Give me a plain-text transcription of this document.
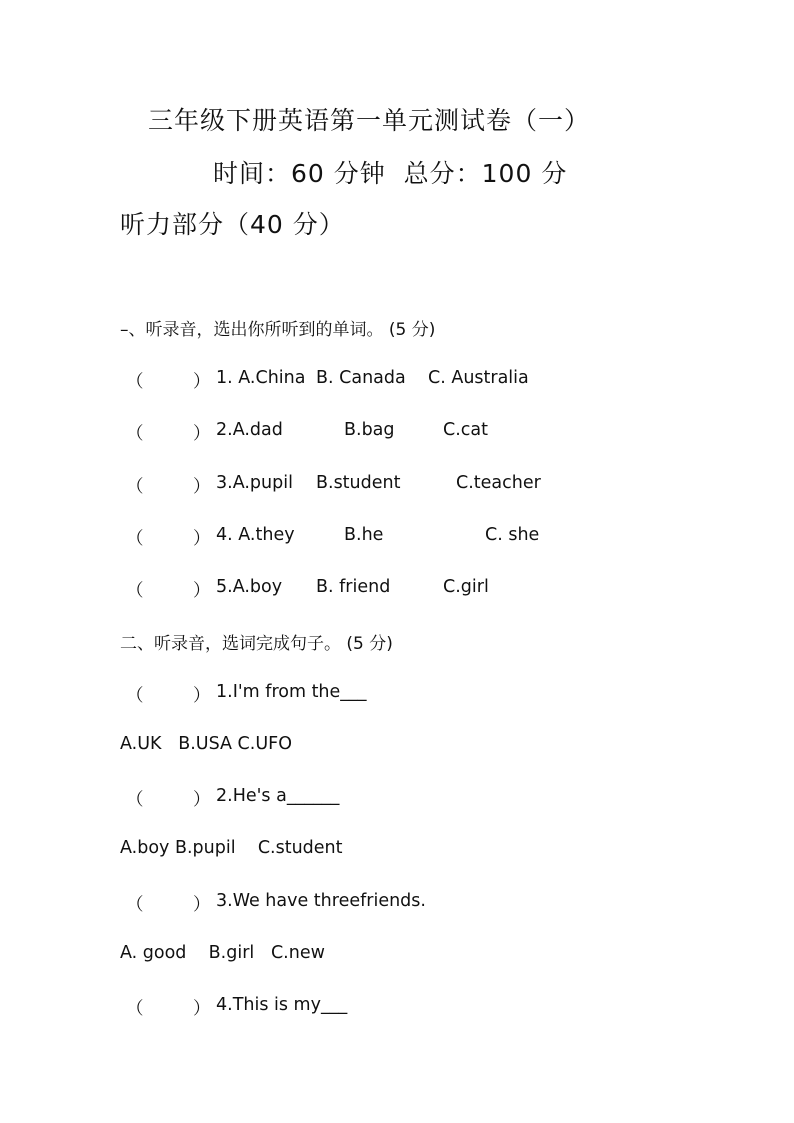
三年级下册英语第一单元测试卷（一）
时间：60 分钟  总分：100 分
听力部分（40 分）
–、听录音，选出你所听到的单词。 (5 分)
（	） 1. A.China B. Canada C. Australia
（	） 2.A.dad	B.bag	C.cat
（	） 3.A.pupil B.student	C.teacher
（	） 4. A.they	B.he	C. she
（	） 5.A.boy B. friend	C.girl
二、听录音，选词完成句子。 (5 分)
（	） 1.I'm from the___
A.UK   B.USA C.UFO
（	） 2.He's a______
A.boy B.pupil    C.student
（	） 3.We have threefriends.
A. good    B.girl   C.new
（	） 4.This is my___
